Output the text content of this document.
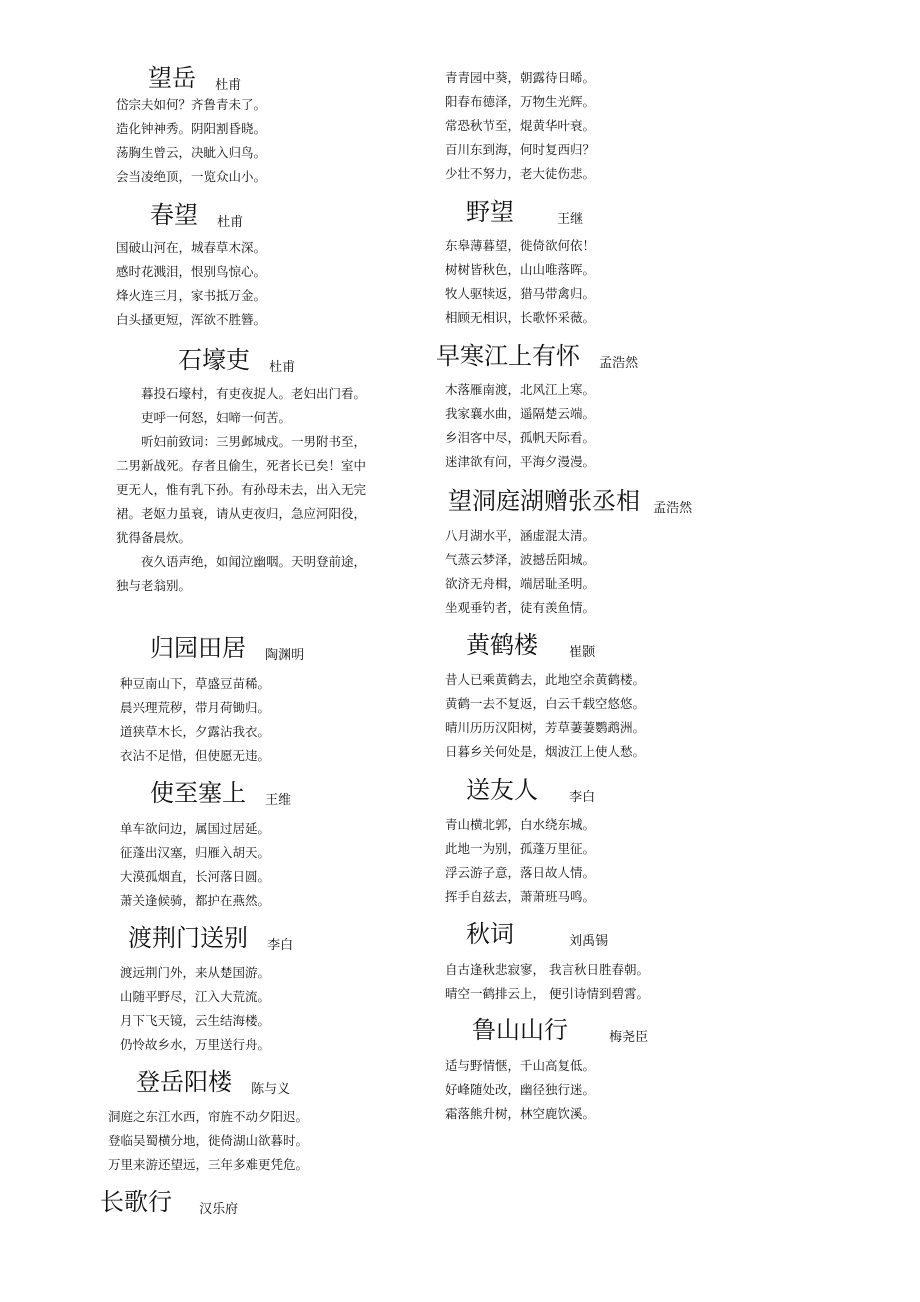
望岳 杜甫
岱宗夫如何？齐鲁青未了。
造化钟神秀。阴阳割昏晓。
荡胸生曾云，决眦入归鸟。
会当凌绝顶，一览众山小。
春望 杜甫
国破山河在，城春草木深。
感时花溅泪，恨别鸟惊心。
烽火连三月，家书抵万金。
白头搔更短，浑欲不胜簪。
石壕吏 杜甫
暮投石壕村，有吏夜捉人。老妇出门看。
吏呼一何怒，妇啼一何苦。
听妇前致词：三男邺城戍。一男附书至，二男新战死。存者且偷生，死者长已矣！室中更无人，惟有乳下孙。有孙母未去，出入无完裙。老妪力虽衰，请从吏夜归，急应河阳役，犹得备晨炊。
夜久语声绝，如闻泣幽咽。天明登前途，独与老翁别。
归园田居 陶渊明
种豆南山下，草盛豆苗稀。
晨兴理荒秽，带月荷锄归。
道狭草木长，夕露沾我衣。
衣沾不足惜，但使愿无违。
使至塞上 王维
单车欲问边，属国过居延。
征蓬出汉塞，归雁入胡天。
大漠孤烟直，长河落日圆。
萧关逢候骑，都护在燕然。
渡荆门送别 李白
渡远荆门外，来从楚国游。
山随平野尽，江入大荒流。
月下飞天镜，云生结海楼。
仍怜故乡水，万里送行舟。
登岳阳楼 陈与义
洞庭之东江水西，帘旌不动夕阳迟。
登临吴蜀横分地，徙倚湖山欲暮时。
万里来游还望远，三年多难更凭危。
长歌行 汉乐府
青青园中葵，朝露待日晞。
阳春布德泽，万物生光辉。
常恐秋节至，焜黄华叶衰。
百川东到海，何时复西归？
少壮不努力，老大徒伤悲。
野望	王继
东皋薄暮望，徙倚欲何依！
树树皆秋色，山山唯落晖。
牧人驱犊返，猎马带禽归。
相顾无相识，长歌怀采薇。
早寒江上有怀 孟浩然
木落雁南渡，北风江上寒。
我家襄水曲，遥隔楚云端。
乡泪客中尽，孤帆天际看。
迷津欲有问，平海夕漫漫。
望洞庭湖赠张丞相 孟浩然
八月湖水平，涵虚混太清。
气蒸云梦泽，波撼岳阳城。
欲济无舟楫，端居耻圣明。
坐观垂钓者，徒有羡鱼情。
黄鹤楼 崔颢
昔人已乘黄鹤去，此地空余黄鹤楼。
黄鹤一去不复返，白云千载空悠悠。
晴川历历汉阳树，芳草萋萋鹦鹉洲。
日暮乡关何处是，烟波江上使人愁。
送友人 李白
青山横北郭，白水绕东城。
此地一为别，孤蓬万里征。
浮云游子意，落日故人情。
挥手自兹去，萧萧班马鸣。
秋词	刘禹锡
自古逢秋悲寂寥， 我言秋日胜春朝。
晴空一鹤排云上， 便引诗情到碧霄。
鲁山山行	梅尧臣
适与野情惬，千山高复低。
好峰随处改，幽径独行迷。
霜落熊升树，林空鹿饮溪。
